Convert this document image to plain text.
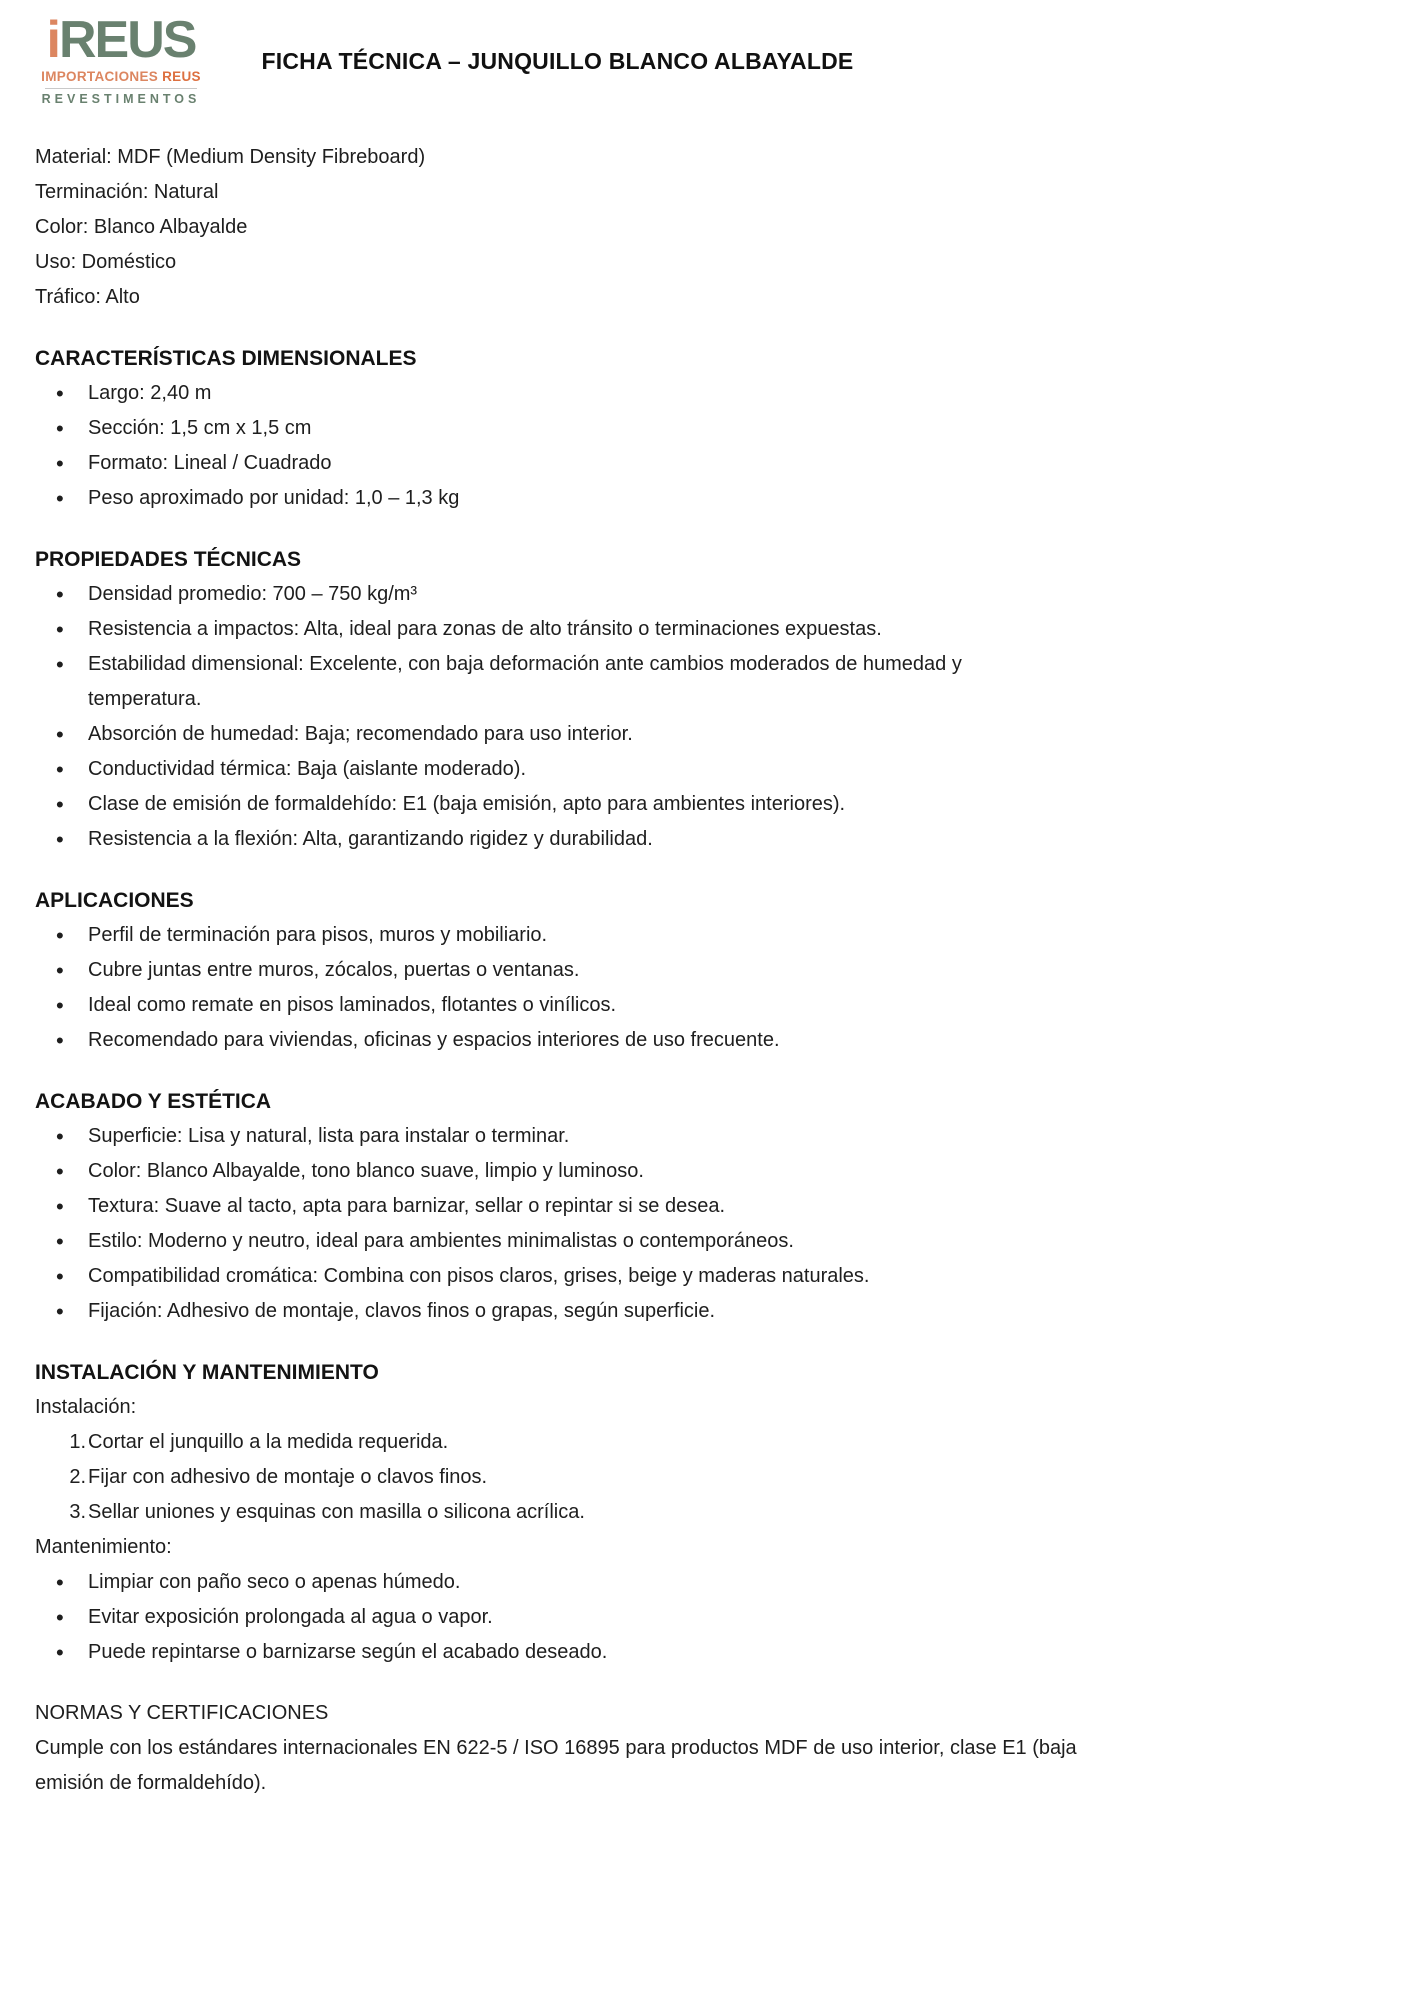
iREUS
IMPORTACIONES REUS
REVESTIMENTOS
FICHA TÉCNICA – JUNQUILLO BLANCO ALBAYALDE

Material: MDF (Medium Density Fibreboard)

Terminación: Natural

Color: Blanco Albayalde

Uso: Doméstico

Tráfico: Alto

CARACTERÍSTICAS DIMENSIONALES
• Largo: 2,40 m
• Sección: 1,5 cm x 1,5 cm
• Formato: Lineal / Cuadrado
• Peso aproximado por unidad: 1,0 – 1,3 kg
PROPIEDADES TÉCNICAS
• Densidad promedio: 700 – 750 kg/m³
• Resistencia a impactos: Alta, ideal para zonas de alto tránsito o terminaciones expuestas.
• Estabilidad dimensional: Excelente, con baja deformación ante cambios moderados de humedad y temperatura.
• Absorción de humedad: Baja; recomendado para uso interior.
• Conductividad térmica: Baja (aislante moderado).
• Clase de emisión de formaldehído: E1 (baja emisión, apto para ambientes interiores).
• Resistencia a la flexión: Alta, garantizando rigidez y durabilidad.
APLICACIONES
• Perfil de terminación para pisos, muros y mobiliario.
• Cubre juntas entre muros, zócalos, puertas o ventanas.
• Ideal como remate en pisos laminados, flotantes o vinílicos.
• Recomendado para viviendas, oficinas y espacios interiores de uso frecuente.
ACABADO Y ESTÉTICA
• Superficie: Lisa y natural, lista para instalar o terminar.
• Color: Blanco Albayalde, tono blanco suave, limpio y luminoso.
• Textura: Suave al tacto, apta para barnizar, sellar o repintar si se desea.
• Estilo: Moderno y neutro, ideal para ambientes minimalistas o contemporáneos.
• Compatibilidad cromática: Combina con pisos claros, grises, beige y maderas naturales.
• Fijación: Adhesivo de montaje, clavos finos o grapas, según superficie.
INSTALACIÓN Y MANTENIMIENTO

Instalación:

Cortar el junquillo a la medida requerida.
Fijar con adhesivo de montaje o clavos finos.
Sellar uniones y esquinas con masilla o silicona acrílica.

Mantenimiento:

• Limpiar con paño seco o apenas húmedo.
• Evitar exposición prolongada al agua o vapor.
• Puede repintarse o barnizarse según el acabado deseado.
NORMAS Y CERTIFICACIONES

Cumple con los estándares internacionales EN 622-5 / ISO 16895 para productos MDF de uso interior, clase E1 (baja emisión de formaldehído).
